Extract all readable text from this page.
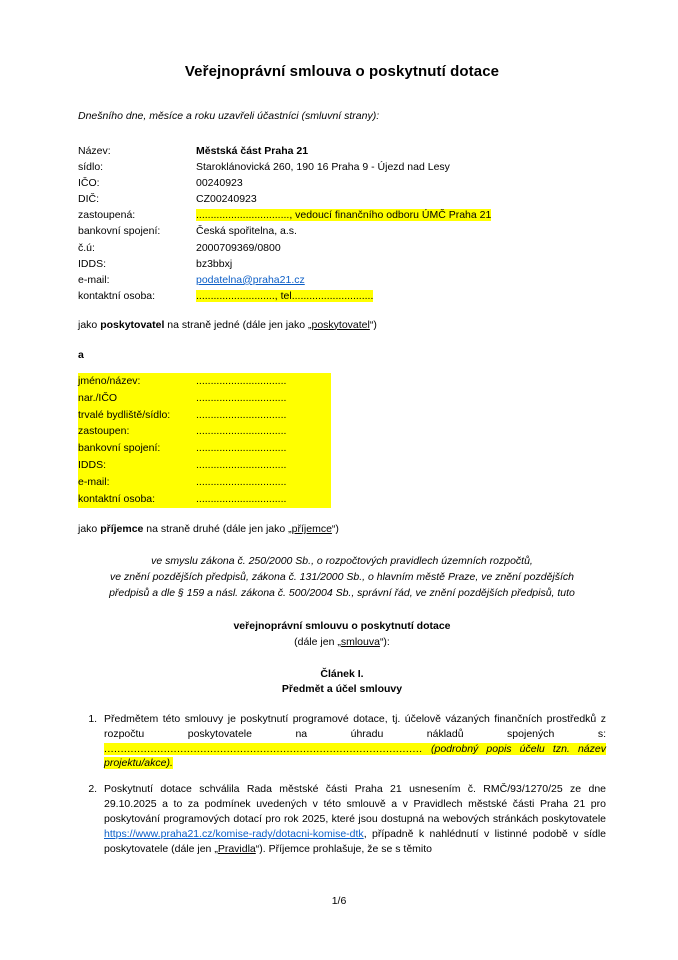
Veřejnoprávní smlouva o poskytnutí dotace

Dnešního dne, měsíce a roku uzavřeli účastníci (smluvní strany):

Název:	Městská část Praha 21
sídlo:	Staroklánovická 260, 190 16 Praha 9 - Újezd nad Lesy
IČO:	00240923
DIČ:	CZ00240923
zastoupená:	................................, vedoucí finančního odboru ÚMČ Praha 21
bankovní spojení:	Česká spořitelna, a.s.
č.ú:	2000709369/0800
IDDS:	bz3bbxj
e-mail:	podatelna@praha21.cz
kontaktní osoba:	..........................., tel............................

jako poskytovatel na straně jedné (dále jen jako „poskytovatel“)

a

jméno/název:	...............................
nar./IČO	...............................
trvalé bydliště/sídlo:	...............................
zastoupen:	...............................
bankovní spojení:	...............................
IDDS:	...............................
e-mail:	...............................
kontaktní osoba:	...............................

jako příjemce na straně druhé (dále jen jako „příjemce“)

ve smyslu zákona č. 250/2000 Sb., o rozpočtových pravidlech územních rozpočtů,
ve znění pozdějších předpisů, zákona č. 131/2000 Sb., o hlavním městě Praze, ve znění pozdějších
předpisů a dle § 159 a násl. zákona č. 500/2004 Sb., správní řád, ve znění pozdějších předpisů, tuto

veřejnoprávní smlouvu o poskytnutí dotace

(dále jen „smlouva“):

Článek I.
Předmět a účel smlouvy
1. Předmětem této smlouvy je poskytnutí programové dotace, tj. účelově vázaných finančních prostředků z rozpočtu poskytovatele na úhradu nákladů spojených s: ................................................................................................ (podrobný popis účelu tzn. název projektu/akce).
2. Poskytnutí dotace schválila Rada městské části Praha 21 usnesením č. RMČ/93/1270/25 ze dne 29.10.2025 a to za podmínek uvedených v této smlouvě a v Pravidlech městské části Praha 21 pro poskytování programových dotací pro rok 2025, které jsou dostupná na webových stránkách poskytovatele https://www.praha21.cz/komise-rady/dotacni-komise-dtk, případně k nahlédnutí v listinné podobě v sídle poskytovatele (dále jen „Pravidla“). Příjemce prohlašuje, že se s těmito
1/6
